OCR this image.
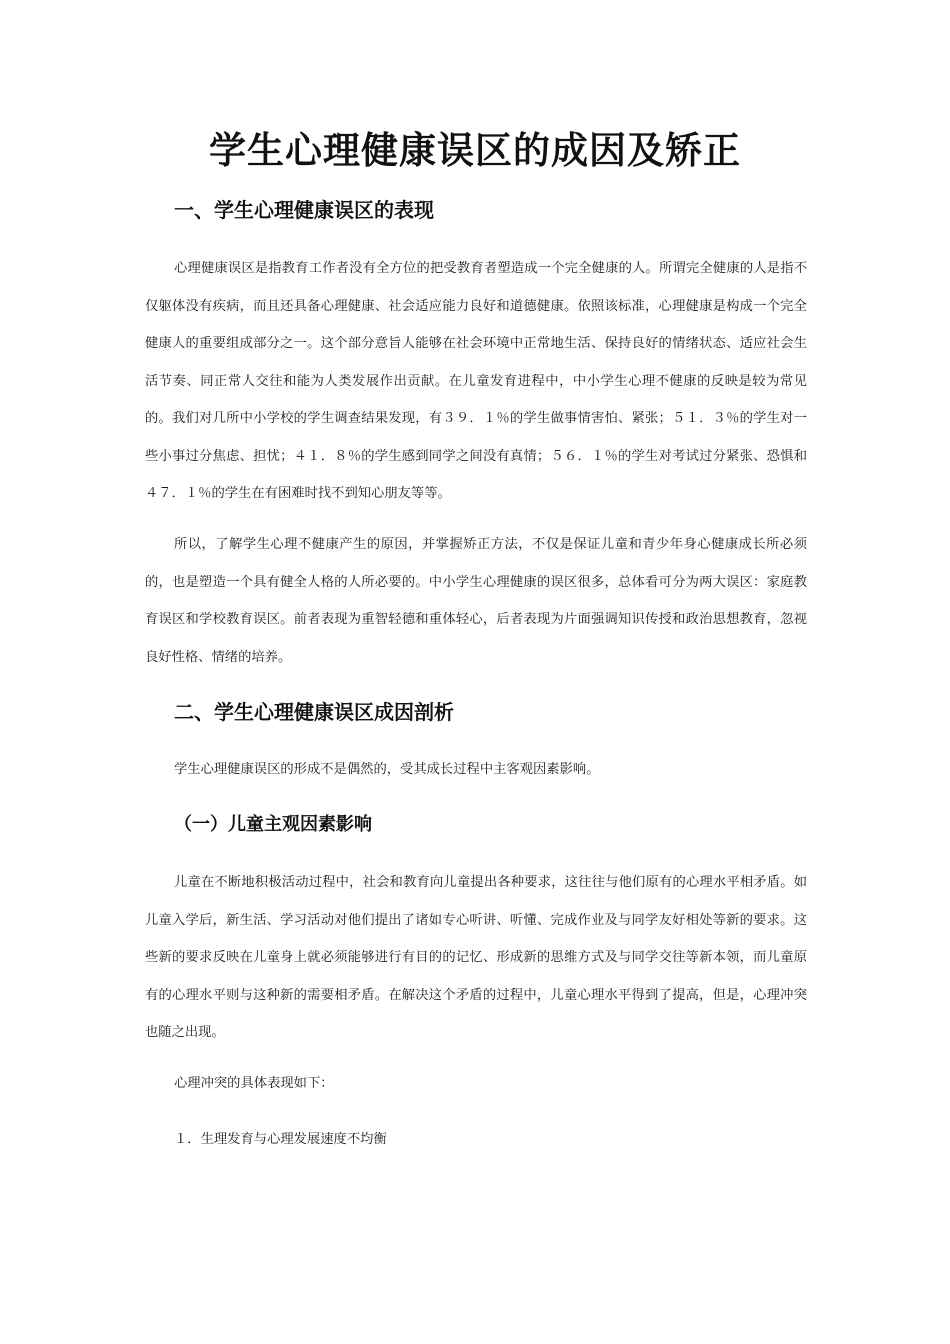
学生心理健康误区的成因及矫正
一、学生心理健康误区的表现

心理健康误区是指教育工作者没有全方位的把受教育者塑造成一个完全健康的人。所谓完全健康的人是指不仅躯体没有疾病，而且还具备心理健康、社会适应能力良好和道德健康。依照该标准，心理健康是构成一个完全健康人的重要组成部分之一。这个部分意旨人能够在社会环境中正常地生活、保持良好的情绪状态、适应社会生活节奏、同正常人交往和能为人类发展作出贡献。在儿童发育进程中，中小学生心理不健康的反映是较为常见的。我们对几所中小学校的学生调查结果发现，有３９．１％的学生做事情害怕、紧张；５１．３％的学生对一些小事过分焦虑、担忧；４１．８％的学生感到同学之间没有真情；５６．１％的学生对考试过分紧张、恐惧和４７．１％的学生在有困难时找不到知心朋友等等。

所以，了解学生心理不健康产生的原因，并掌握矫正方法，不仅是保证儿童和青少年身心健康成长所必须的，也是塑造一个具有健全人格的人所必要的。中小学生心理健康的误区很多，总体看可分为两大误区：家庭教育误区和学校教育误区。前者表现为重智轻德和重体轻心，后者表现为片面强调知识传授和政治思想教育，忽视良好性格、情绪的培养。

二、学生心理健康误区成因剖析

学生心理健康误区的形成不是偶然的，受其成长过程中主客观因素影响。

（一）儿童主观因素影响

儿童在不断地积极活动过程中，社会和教育向儿童提出各种要求，这往往与他们原有的心理水平相矛盾。如儿童入学后，新生活、学习活动对他们提出了诸如专心听讲、听懂、完成作业及与同学友好相处等新的要求。这些新的要求反映在儿童身上就必须能够进行有目的的记忆、形成新的思维方式及与同学交往等新本领，而儿童原有的心理水平则与这种新的需要相矛盾。在解决这个矛盾的过程中，儿童心理水平得到了提高，但是，心理冲突也随之出现。

心理冲突的具体表现如下：

１．生理发育与心理发展速度不均衡
